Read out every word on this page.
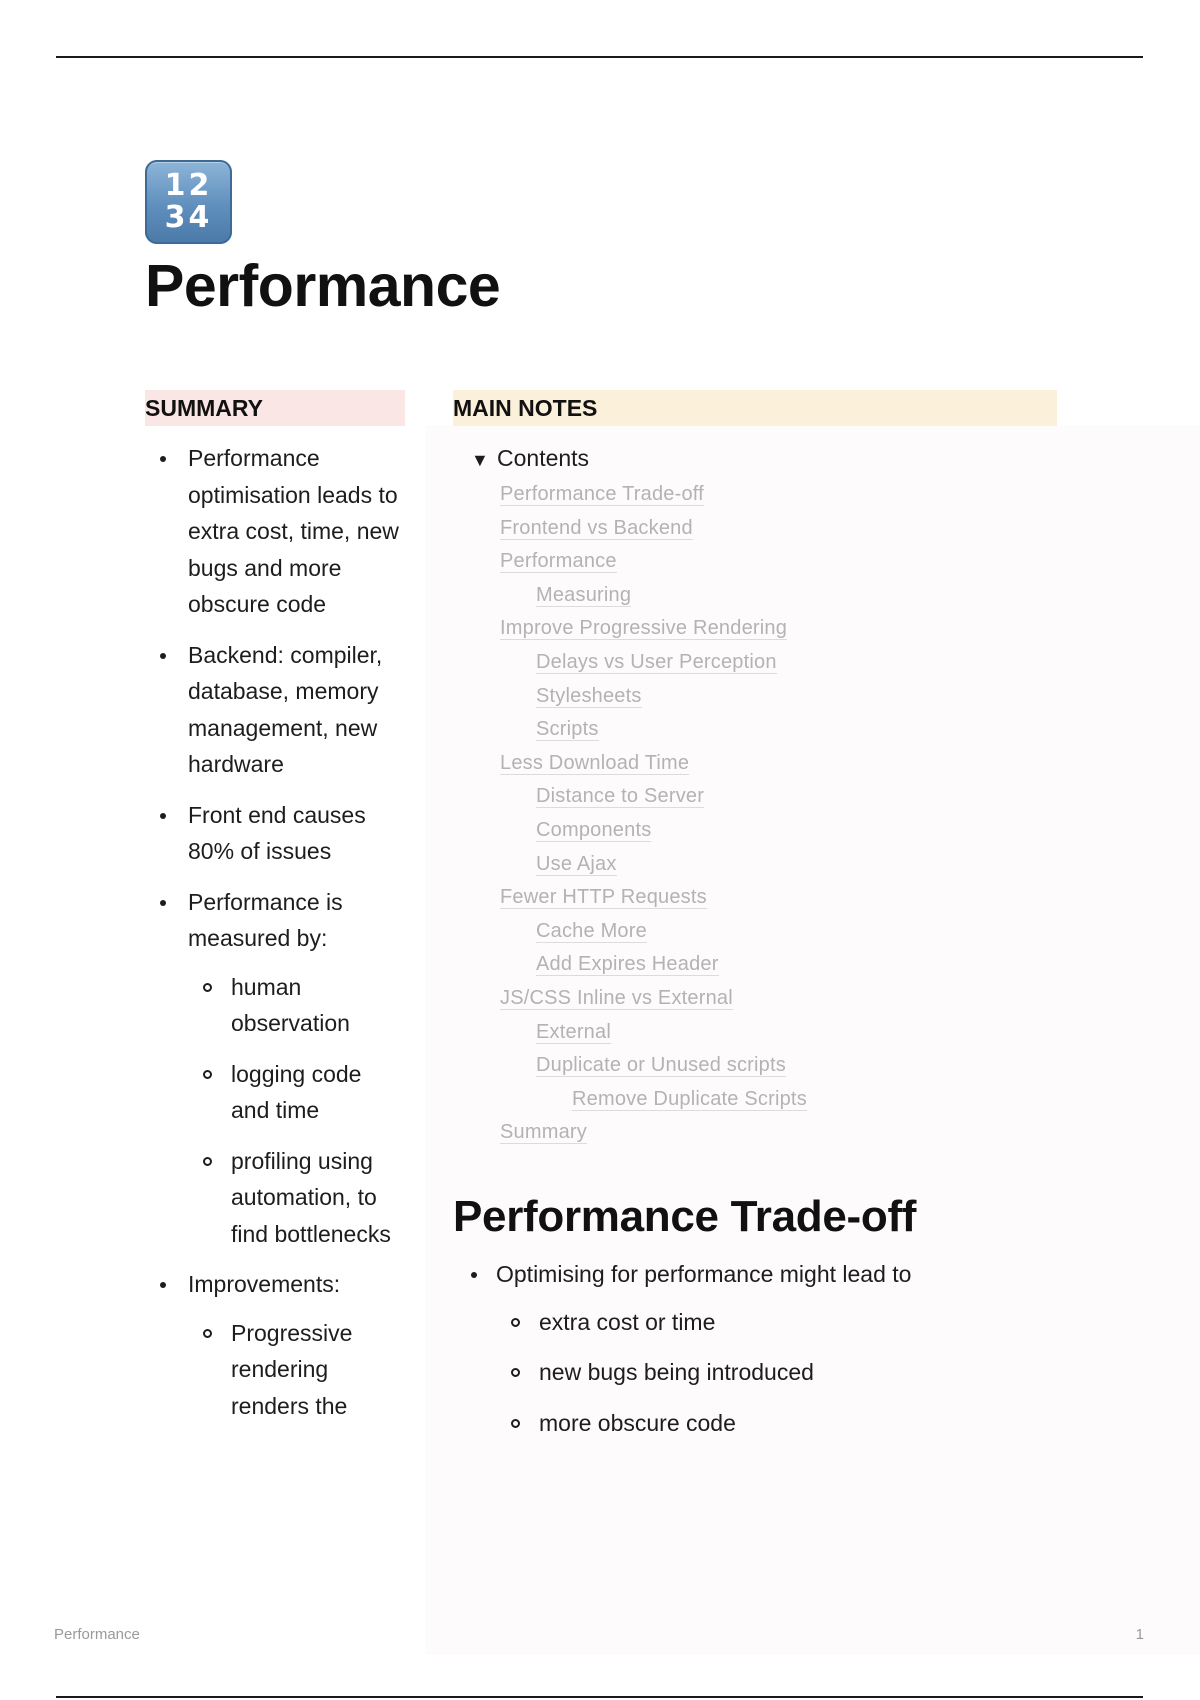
12
34
Performance
SUMMARY
Performance optimisation leads to extra cost, time, new bugs and more obscure code
Backend: compiler, database, memory management, new hardware
Front end causes 80% of issues
Performance is measured by:
human observation
logging code and time
profiling using automation, to find bottlenecks
Improvements:
Progressive rendering renders the
MAIN NOTES
▼ Contents
Performance Trade-off
Frontend vs Backend
Performance
Measuring
Improve Progressive Rendering
Delays vs User Perception
Stylesheets
Scripts
Less Download Time
Distance to Server
Components
Use Ajax
Fewer HTTP Requests
Cache More
Add Expires Header
JS/CSS Inline vs External
External
Duplicate or Unused scripts
Remove Duplicate Scripts
Summary
Performance Trade-off
Optimising for performance might lead to
extra cost or time
new bugs being introduced
more obscure code
Performance	1
